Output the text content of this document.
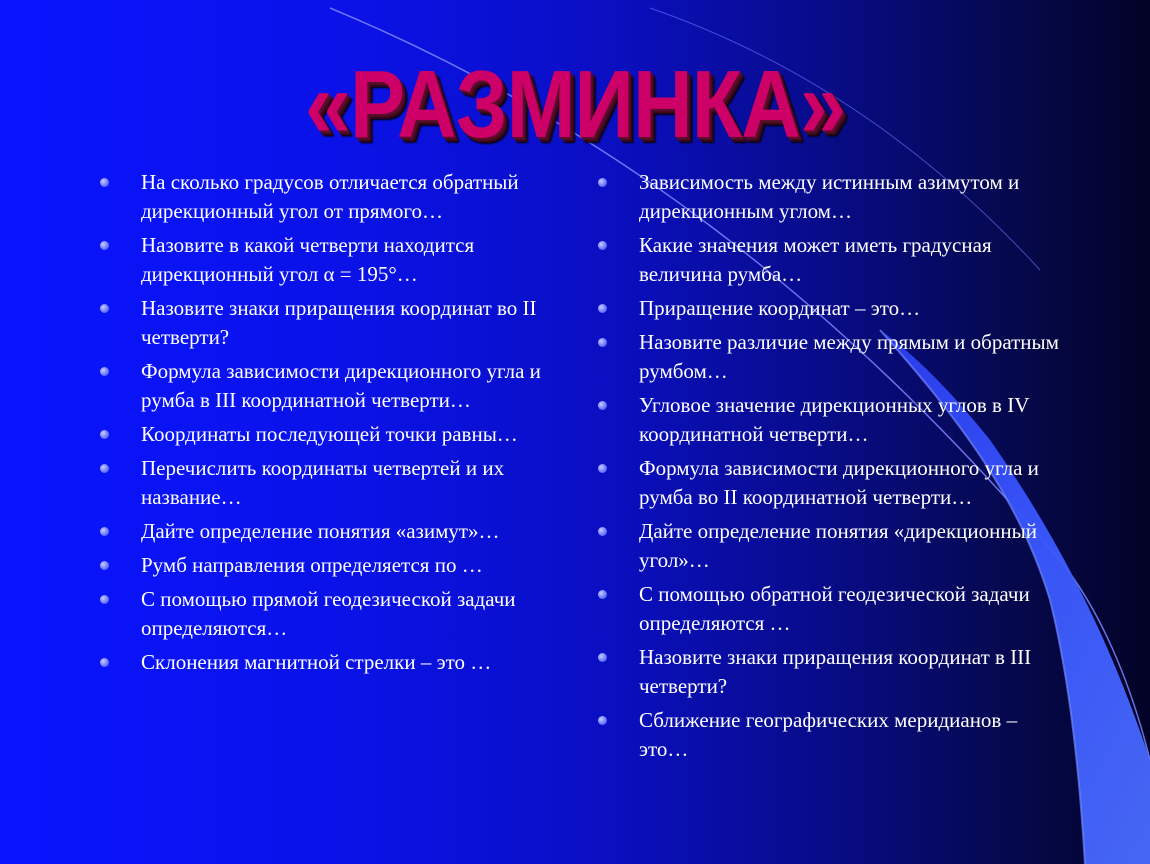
«РАЗМИНКА»
На сколько градусов отличается обратный дирекционный угол от прямого…
Назовите в какой четверти находится дирекционный угол α = 195°…
Назовите знаки приращения координат во II четверти?
Формула зависимости дирекционного угла и румба в III координатной четверти…
Координаты последующей точки равны…
Перечислить координаты четвертей и их название…
Дайте определение понятия «азимут»…
Румб направления определяется по …
С помощью прямой геодезической задачи определяются…
Склонения магнитной стрелки – это …
Зависимость между истинным азимутом и дирекционным углом…
Какие значения может иметь градусная величина румба…
Приращение координат – это…
Назовите различие между прямым и обратным румбом…
Угловое значение дирекционных углов в IV координатной четверти…
Формула зависимости дирекционного угла и румба во II координатной четверти…
Дайте определение понятия «дирекционный угол»…
С помощью обратной геодезической задачи определяются …
Назовите знаки приращения координат в III четверти?
Сближение географических меридианов – это…
